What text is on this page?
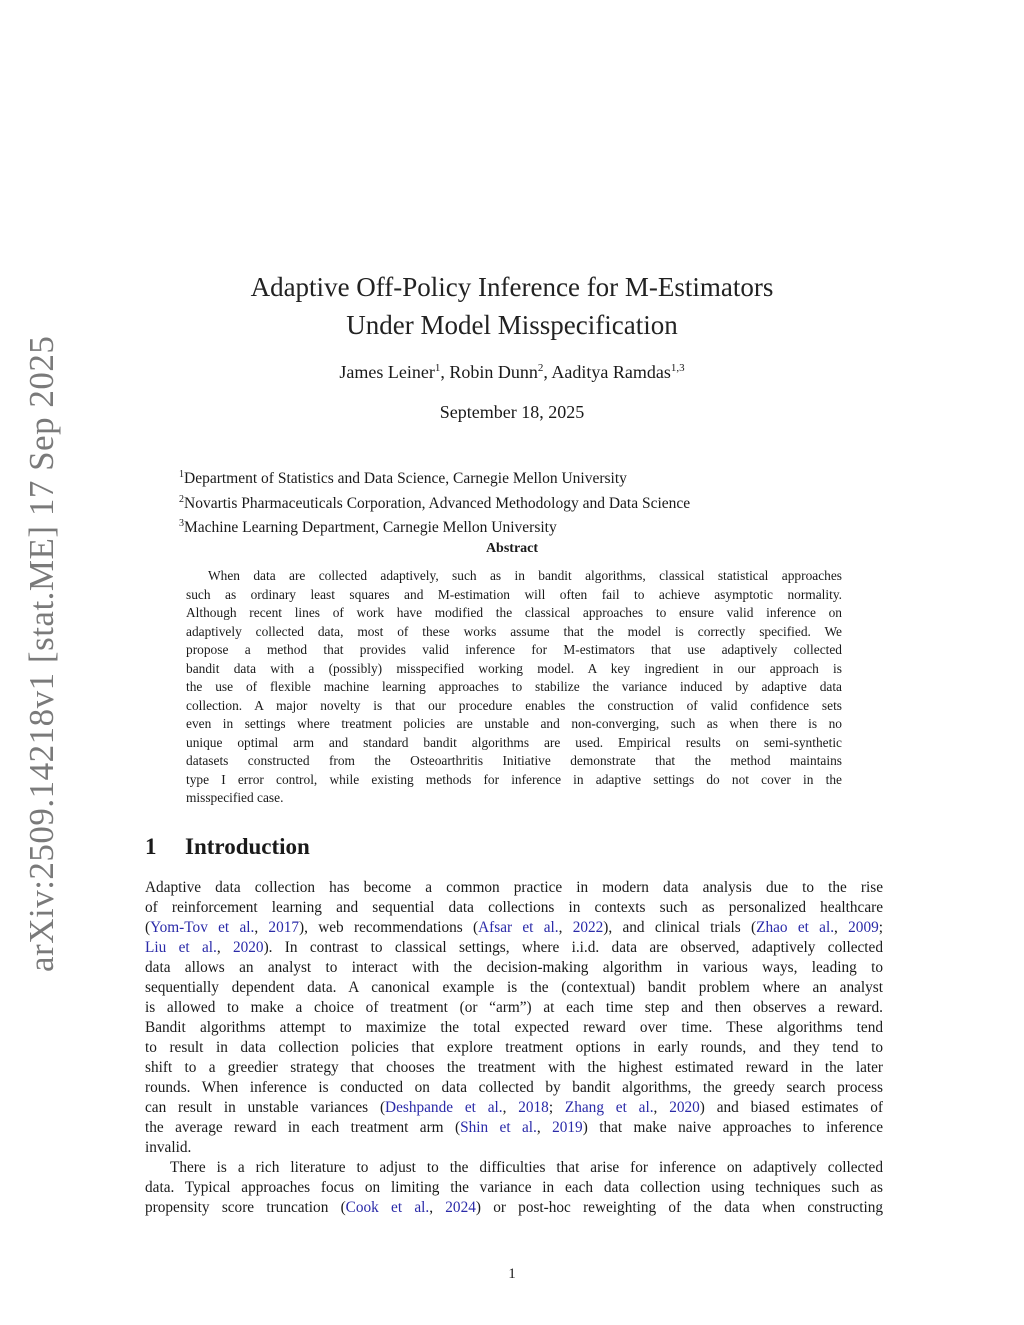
arXiv:2509.14218v1 [stat.ME] 17 Sep 2025
Adaptive Off-Policy Inference for M-Estimators
Under Model Misspecification
James Leiner$^1$, Robin Dunn$^2$, Aaditya Ramdas$^{1,3}$
September 18, 2025
$^1$Department of Statistics and Data Science, Carnegie Mellon University
$^2$Novartis Pharmaceuticals Corporation, Advanced Methodology and Data Science
$^3$Machine Learning Department, Carnegie Mellon University
Abstract
When data are collected adaptively, such as in bandit algorithms, classical statistical approaches
such as ordinary least squares and M-estimation will often fail to achieve asymptotic normality.
Although recent lines of work have modified the classical approaches to ensure valid inference on
adaptively collected data, most of these works assume that the model is correctly specified. We
propose a method that provides valid inference for M-estimators that use adaptively collected
bandit data with a (possibly) misspecified working model. A key ingredient in our approach is
the use of flexible machine learning approaches to stabilize the variance induced by adaptive data
collection. A major novelty is that our procedure enables the construction of valid confidence sets
even in settings where treatment policies are unstable and non-converging, such as when there is no
unique optimal arm and standard bandit algorithms are used. Empirical results on semi-synthetic
datasets constructed from the Osteoarthritis Initiative demonstrate that the method maintains
type I error control, while existing methods for inference in adaptive settings do not cover in the
misspecified case.
1 Introduction
Adaptive data collection has become a common practice in modern data analysis due to the rise
of reinforcement learning and sequential data collections in contexts such as personalized healthcare
(Yom-Tov et al., 2017), web recommendations (Afsar et al., 2022), and clinical trials (Zhao et al., 2009;
Liu et al., 2020). In contrast to classical settings, where i.i.d. data are observed, adaptively collected
data allows an analyst to interact with the decision-making algorithm in various ways, leading to
sequentially dependent data. A canonical example is the (contextual) bandit problem where an analyst
is allowed to make a choice of treatment (or “arm”) at each time step and then observes a reward.
Bandit algorithms attempt to maximize the total expected reward over time. These algorithms tend
to result in data collection policies that explore treatment options in early rounds, and they tend to
shift to a greedier strategy that chooses the treatment with the highest estimated reward in the later
rounds. When inference is conducted on data collected by bandit algorithms, the greedy search process
can result in unstable variances (Deshpande et al., 2018; Zhang et al., 2020) and biased estimates of
the average reward in each treatment arm (Shin et al., 2019) that make naive approaches to inference
invalid.
There is a rich literature to adjust to the difficulties that arise for inference on adaptively collected
data. Typical approaches focus on limiting the variance in each data collection using techniques such as
propensity score truncation (Cook et al., 2024) or post-hoc reweighting of the data when constructing
1
